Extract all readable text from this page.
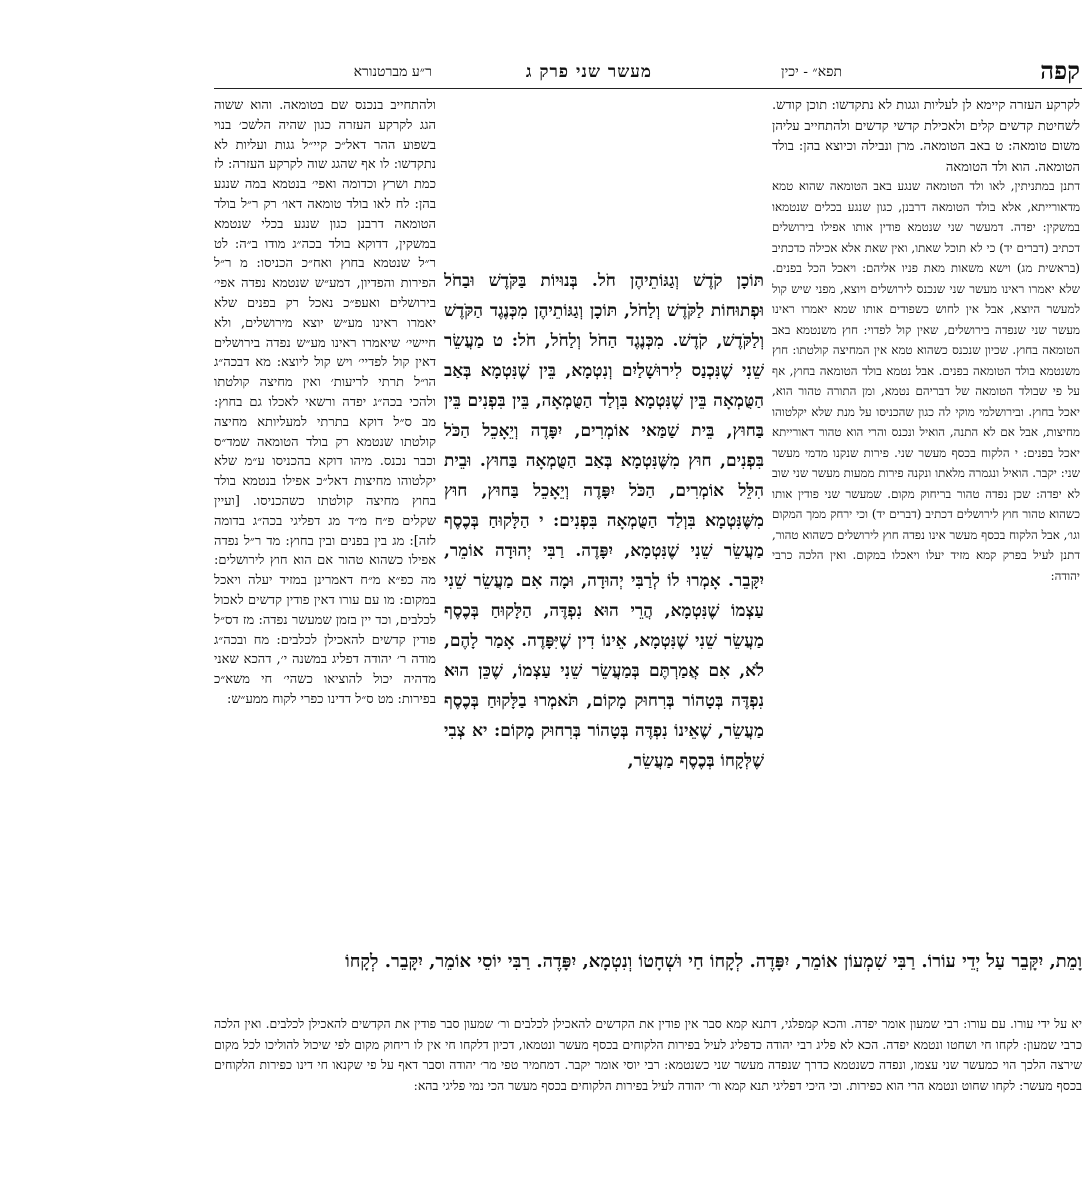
קפה
תפא״ - יכין
מעשר שני פרק ג
ר״ע מברטנורא

לקרקע העזרה קיימא לן לעליות וגגות לא נתקדשו: תוכן קודש. לשחיטת קדשים קלים ולאכילת קדשי קדשים ולהתחייב עליהן משום טומאה: ט באב הטומאה. מרן ונבילה וכיוצא בהן: בולד הטומאה. הוא ולד הטומאה

דתנן במתניתין, לאו ולד הטומאה שנגע באב הטומאה שהוא טמא מדאורייתא, אלא בולד הטומאה דרבנן, כגון שנגע בכלים שנטמאו במשקין: יפדה. דמעשר שני שנטמא פודין אותו אפילו בירושלים דכתיב (דברים יד) כי לא תוכל שאתו, ואין שאת אלא אכילה כדכתיב (בראשית מג) וישא משאות מאת פניו אליהם: ויאכל הכל בפנים. שלא יאמרו ראינו מעשר שני שנכנס לירושלים ויוצא, מפני שיש קול למעשר היוצא, אבל אין לחוש כשפודים אותו שמא יאמרו ראינו מעשר שני שנפדה בירושלים, שאין קול לפדוי: חוץ משנטמא באב הטומאה בחוץ. שכיון שנכנס כשהוא טמא אין המחיצה קולטתו: חוץ משנטמא בולד הטומאה בפנים. אבל נטמא בולד הטומאה בחוץ, אף על פי שבולד הטומאה של דבריהם נטמא, ומן התורה טהור הוא, יאכל בחוץ. ובירושלמי מוקי לה כגון שהכניסו על מנת שלא יקלטוהו מחיצות, אבל אם לא התנה, הואיל ונכנס והרי הוא טהור דאורייתא יאכל בפנים: י הלקוח בכסף מעשר שני. פירות שנקנו מדמי מעשר שני: יקבר. הואיל ונגמרה מלאתו ונקנה פירות ממעות מעשר שני שוב לא יפדה: שכן נפדה טהור בריחוק מקום. שמעשר שני פודין אותו כשהוא טהור חוץ לירושלים דכתיב (דברים יד) וכי ירחק ממך המקום וגו׳, אבל הלקוח בכסף מעשר אינו נפדה חוץ לירושלים כשהוא טהור, דתנן לעיל בפרק קמא מזיד יעלו ויאכלו במקום. ואין הלכה כרבי יהודה:

תּוֹכָן קֹדֶשׁ וְגַגּוֹתֵיהֶן חֹל. בְּנוּיוֹת בַּקֹּדֶשׁ וּבַחֹל וּפְתוּחוֹת לַקֹּדֶשׁ וְלַחֹל, תּוֹכָן וְגַגּוֹתֵיהֶן מִכְּנֶגֶד הַקֹּדֶשׁ וְלַקֹּדֶשׁ, קֹדֶשׁ. מִכְּנֶגֶד הַחֹל וְלַחֹל, חֹל: ט מַעֲשֵׂר שֵׁנִי שֶׁנִּכְנַס לִירוּשָׁלַיִם וְנִטְמָא, בֵּין שֶׁנִּטְמָא בְּאַב הַטֻּמְאָה בֵּין שֶׁנִּטְמָא בִּוְלַד הַטֻּמְאָה, בֵּין בִּפְנִים בֵּין בַּחוּץ, בֵּית שַׁמַּאי אוֹמְרִים, יִפָּדֶה וְיֵאָכֵל הַכֹּל בִּפְנִים, חוּץ מִשֶּׁנִּטְמָא בְּאַב הַטֻּמְאָה בַּחוּץ. וּבֵית הִלֵּל אוֹמְרִים, הַכֹּל יִפָּדֶה וְיֵאָכֵל בַּחוּץ, חוּץ מִשֶּׁנִּטְמָא בִּוְלַד הַטֻּמְאָה בִּפְנִים: י הַלָּקוּחַ בְּכֶסֶף מַעֲשֵׂר שֵׁנִי שֶׁנִּטְמָא, יִפָּדֶה. רַבִּי יְהוּדָה אוֹמֵר, יִקָּבֵר. אָמְרוּ לוֹ לְרַבִּי יְהוּדָה, וּמָה אִם מַעֲשֵׂר שֵׁנִי עַצְמוֹ שֶׁנִּטְמָא, הֲרֵי הוּא נִפְדֶּה, הַלָּקוּחַ בְּכֶסֶף מַעֲשֵׂר שֵׁנִי שֶׁנִּטְמָא, אֵינוֹ דִין שֶׁיִּפָּדֶה. אָמַר לָהֶם, לֹא, אִם אֲמַרְתֶּם בְּמַעֲשֵׂר שֵׁנִי עַצְמוֹ, שֶׁכֵּן הוּא נִפְדֶּה בְּטָהוֹר בְּרִחוּק מָקוֹם, תֹּאמְרוּ בַלָּקוּחַ בְּכֶסֶף מַעֲשֵׂר, שֶׁאֵינוֹ נִפְדֶּה בְּטָהוֹר בְּרִחוּק מָקוֹם: יא צְבִי שֶׁלְּקָחוֹ בְּכֶסֶף מַעֲשֵׂר,

ולהתחייב בנכנס שם בטומאה. והוא ששוה הגג לקרקע העזרה כגון שהיה הלשכ׳ בנוי בשפוע ההר דאל״כ קיי״ל גגות ועליות לא נתקדשו: לו אף שהגג שוה לקרקע העזרה: לז כמת ושרץ וכדומה ואפי׳ בנטמא במה שנגע בהן: לח לאו בולד טומאה דאו׳ רק ר״ל בולד הטומאה דרבנן כגון שנגע בכלי שנטמא במשקין, דדוקא בולד בכה״ג מודו ב״ה: לט ר״ל שנטמא בחוץ ואח״כ הכניסו: מ ר״ל הפירות והפדיון, דמע״ש שנטמא נפדה אפי׳ בירושלים ואעפ״כ נאכל רק בפנים שלא יאמרו ראינו מע״ש יוצא מירושלים, ולא חיישי׳ שיאמרו ראינו מע״ש נפדה בירושלים דאין קול לפדיי׳ ויש קול ליוצא: מא דבכה״ג הו״ל תרתי לריעות׳ ואין מחיצה קולטתו ולהכי בכה״ג יפדה ורשאי לאכלו גם בחוץ: מב ס״ל דוקא בתרתי למעליותא מחיצה קולטתו שנטמא רק בולד הטומאה שמד״ס וכבר נכנס. מיהו דוקא בהכניסו ע״מ שלא יקלטוהו מחיצות דאל״כ אפילו בנטמא בולד בחוץ מחיצה קולטתו כשהכניסו. [ועיין שקלים פ״ח מ״ד מג דפליגי בכה״ג בדומה לזה]: מג בין בפנים ובין בחוץ: מד ר״ל נפדה אפילו כשהוא טהור אם הוא חוץ לירושלים: מה כפ״א מ״ח דאמרינן במזיד יעלה ויאכל במקום: מו עם עורו דאין פודין קדשים לאכול לכלבים, וכד יין בזמן שמעשר נפדה: מז דס״ל פודין קדשים להאכילן לכלבים: מח ובכה״ג מודה ר׳ יהודה דפליג במשנה י׳, דהכא שאני מדהיה יכול להוציאו כשהי׳ חי משא״כ בפירות: מט ס״ל דדינו כפרי לקוח ממע״ש:

וָמֵת, יִקָּבֵר עַל יְדֵי עוֹרוֹ. רַבִּי שִׁמְעוֹן אוֹמֵר, יִפָּדֶה. לְקָחוֹ חַי וּשְׁחָטוֹ וְנִטְמָא, יִפָּדֶה. רַבִּי יוֹסֵי אוֹמֵר, יִקָּבֵר. לְקָחוֹ

יא על ידי עורו. עם עורו: רבי שמעון אומר יפדה. והכא קמפלגי, דתנא קמא סבר אין פודין את הקדשים להאכילן לכלבים ור׳ שמעון סבר פודין את הקדשים להאכילן לכלבים. ואין הלכה כרבי שמעון: לקחו חי ושחטו ונטמא יפדה. הכא לא פליג רבי יהודה כדפליג לעיל בפירות הלקוחים בכסף מעשר ונטמאו, דכיון דלקחו חי אין לו ריחוק מקום לפי שיכול להוליכו לכל מקום שירצה הלכך הוי כמעשר שני עצמו, ונפדה כשנטמא כדרך שנפדה מעשר שני כשנטמא: רבי יוסי אומר יקבר. דמחמיר טפי מר׳ יהודה וסבר דאף על פי שקנאו חי דינו כפירות הלקוחים בכסף מעשר: לקחו שחוט ונטמא הרי הוא כפירות. וכי היכי דפליגי תנא קמא ור׳ יהודה לעיל בפירות הלקוחים בכסף מעשר הכי נמי פליגי בהא:
